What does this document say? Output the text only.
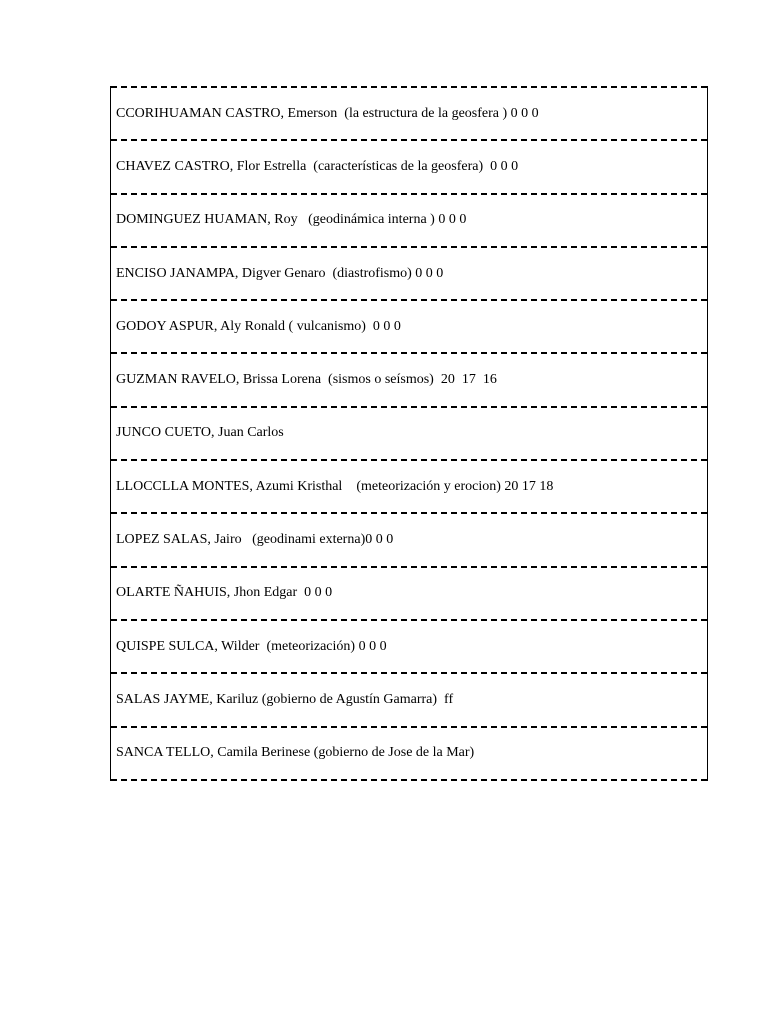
CCORIHUAMAN CASTRO, Emerson  (la estructura de la geosfera ) 0 0 0
CHAVEZ CASTRO, Flor Estrella  (características de la geosfera)  0 0 0
DOMINGUEZ HUAMAN, Roy   (geodinámica interna ) 0 0 0
ENCISO JANAMPA, Digver Genaro  (diastrofismo) 0 0 0
GODOY ASPUR, Aly Ronald ( vulcanismo)  0 0 0
GUZMAN RAVELO, Brissa Lorena  (sismos o seísmos)  20  17  16
JUNCO CUETO, Juan Carlos
LLOCCLLA MONTES, Azumi Kristhal    (meteorización y erocion) 20 17 18
LOPEZ SALAS, Jairo   (geodinami externa)0 0 0
OLARTE ÑAHUIS, Jhon Edgar  0 0 0
QUISPE SULCA, Wilder  (meteorización) 0 0 0
SALAS JAYME, Kariluz (gobierno de Agustín Gamarra)  ff
SANCA TELLO, Camila Berinese (gobierno de Jose de la Mar)
